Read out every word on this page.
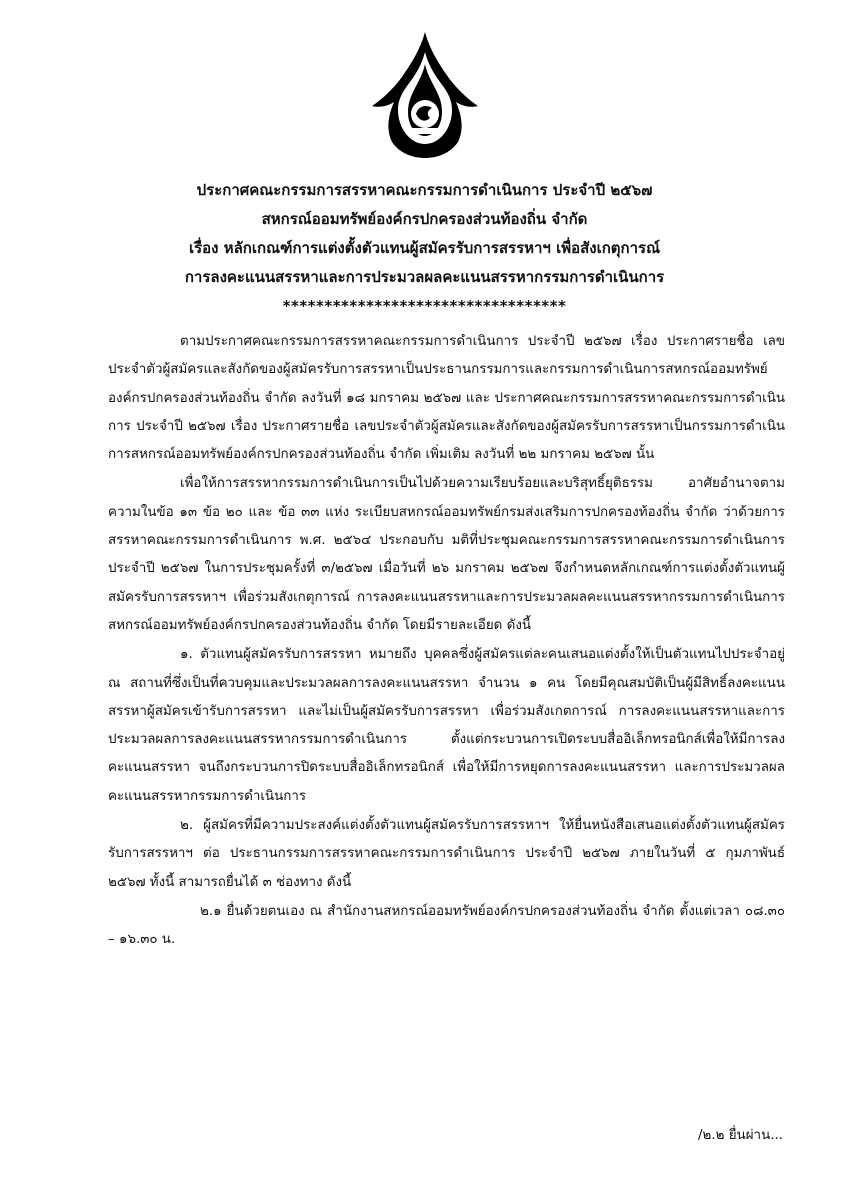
ประกาศคณะกรรมการสรรหาคณะกรรมการดำเนินการ ประจำปี ๒๕๖๗
สหกรณ์ออมทรัพย์องค์กรปกครองส่วนท้องถิ่น จำกัด
เรื่อง หลักเกณฑ์การแต่งตั้งตัวแทนผู้สมัครรับการสรรหาฯ เพื่อสังเกตุการณ์
การลงคะแนนสรรหาและการประมวลผลคะแนนสรรหากรรมการดำเนินการ
**********************************

ตามประกาศคณะกรรมการสรรหาคณะกรรมการดำเนินการ ประจำปี ๒๕๖๗ เรื่อง ประกาศรายชื่อ เลขประจำตัวผู้สมัครและสังกัดของผู้สมัครรับการสรรหาเป็นประธานกรรมการและกรรมการดำเนินการสหกรณ์ออมทรัพย์องค์กรปกครองส่วนท้องถิ่น จำกัด ลงวันที่ ๑๘ มกราคม ๒๕๖๗ และ ประกาศคณะกรรมการสรรหาคณะกรรมการดำเนินการ ประจำปี ๒๕๖๗ เรื่อง ประกาศรายชื่อ เลขประจำตัวผู้สมัครและสังกัดของผู้สมัครรับการสรรหาเป็นกรรมการดำเนินการสหกรณ์ออมทรัพย์องค์กรปกครองส่วนท้องถิ่น จำกัด เพิ่มเติม ลงวันที่ ๒๒ มกราคม ๒๕๖๗ นั้น

เพื่อให้การสรรหากรรมการดำเนินการเป็นไปด้วยความเรียบร้อยและบริสุทธิ์ยุติธรรม อาศัยอำนาจตามความในข้อ ๑๓ ข้อ ๒๐ และ ข้อ ๓๓ แห่ง ระเบียบสหกรณ์ออมทรัพย์กรมส่งเสริมการปกครองท้องถิ่น จำกัด ว่าด้วยการสรรหาคณะกรรมการดำเนินการ พ.ศ. ๒๕๖๔ ประกอบกับ มติที่ประชุมคณะกรรมการสรรหาคณะกรรมการดำเนินการ ประจำปี ๒๕๖๗ ในการประชุมครั้งที่ ๓/๒๕๖๗ เมื่อวันที่ ๒๖ มกราคม ๒๕๖๗ จึงกำหนดหลักเกณฑ์การแต่งตั้งตัวแทนผู้สมัครรับการสรรหาฯ เพื่อร่วมสังเกตุการณ์ การลงคะแนนสรรหาและการประมวลผลคะแนนสรรหากรรมการดำเนินการสหกรณ์ออมทรัพย์องค์กรปกครองส่วนท้องถิ่น จำกัด โดยมีรายละเอียด ดังนี้

๑. ตัวแทนผู้สมัครรับการสรรหา หมายถึง บุคคลซึ่งผู้สมัครแต่ละคนเสนอแต่งตั้งให้เป็นตัวแทนไปประจำอยู่ ณ สถานที่ซึ่งเป็นที่ควบคุมและประมวลผลการลงคะแนนสรรหา จำนวน ๑ คน โดยมีคุณสมบัติเป็นผู้มีสิทธิ์ลงคะแนนสรรหาผู้สมัครเข้ารับการสรรหา และไม่เป็นผู้สมัครรับการสรรหา เพื่อร่วมสังเกตการณ์ การลงคะแนนสรรหาและการประมวลผลการลงคะแนนสรรหากรรมการดำเนินการ ตั้งแต่กระบวนการเปิดระบบสื่ออิเล็กทรอนิกส์เพื่อให้มีการลงคะแนนสรรหา จนถึงกระบวนการปิดระบบสื่ออิเล็กทรอนิกส์ เพื่อให้มีการหยุดการลงคะแนนสรรหา และการประมวลผลคะแนนสรรหากรรมการดำเนินการ

๒. ผู้สมัครที่มีความประสงค์แต่งตั้งตัวแทนผู้สมัครรับการสรรหาฯ ให้ยื่นหนังสือเสนอแต่งตั้งตัวแทนผู้สมัครรับการสรรหาฯ ต่อ ประธานกรรมการสรรหาคณะกรรมการดำเนินการ ประจำปี ๒๕๖๗ ภายในวันที่ ๕ กุมภาพันธ์ ๒๕๖๗ ทั้งนี้ สามารถยื่นได้ ๓ ช่องทาง ดังนี้

๒.๑ ยื่นด้วยตนเอง ณ สำนักงานสหกรณ์ออมทรัพย์องค์กรปกครองส่วนท้องถิ่น จำกัด ตั้งแต่เวลา ๐๘.๓๐ – ๑๖.๓๐ น.

/๒.๒ ยื่นผ่าน...
